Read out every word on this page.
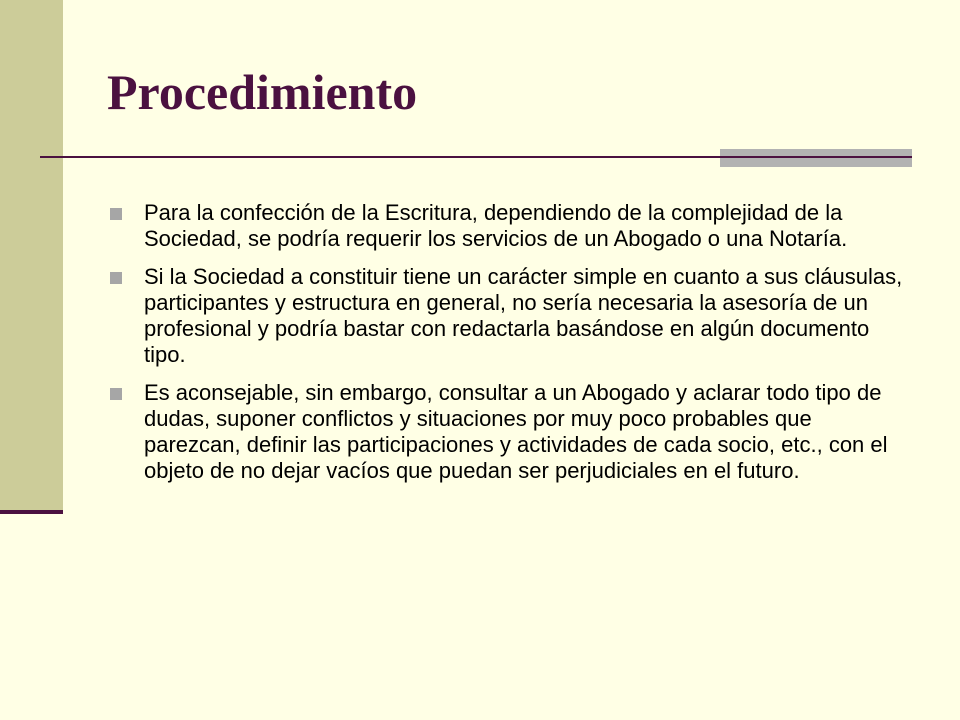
Procedimiento
Para la confección de la Escritura, dependiendo de la complejidad de la Sociedad, se podría requerir los servicios de un Abogado o una Notaría.
Si la Sociedad a constituir tiene un carácter simple en cuanto a sus cláusulas, participantes y estructura en general, no sería necesaria la asesoría de un profesional y podría bastar con redactarla basándose en algún documento tipo.
Es aconsejable, sin embargo, consultar a un Abogado y aclarar todo tipo de dudas, suponer conflictos y situaciones por muy poco probables que parezcan, definir las participaciones y actividades de cada socio, etc., con el objeto de no dejar vacíos que puedan ser perjudiciales en el futuro.
